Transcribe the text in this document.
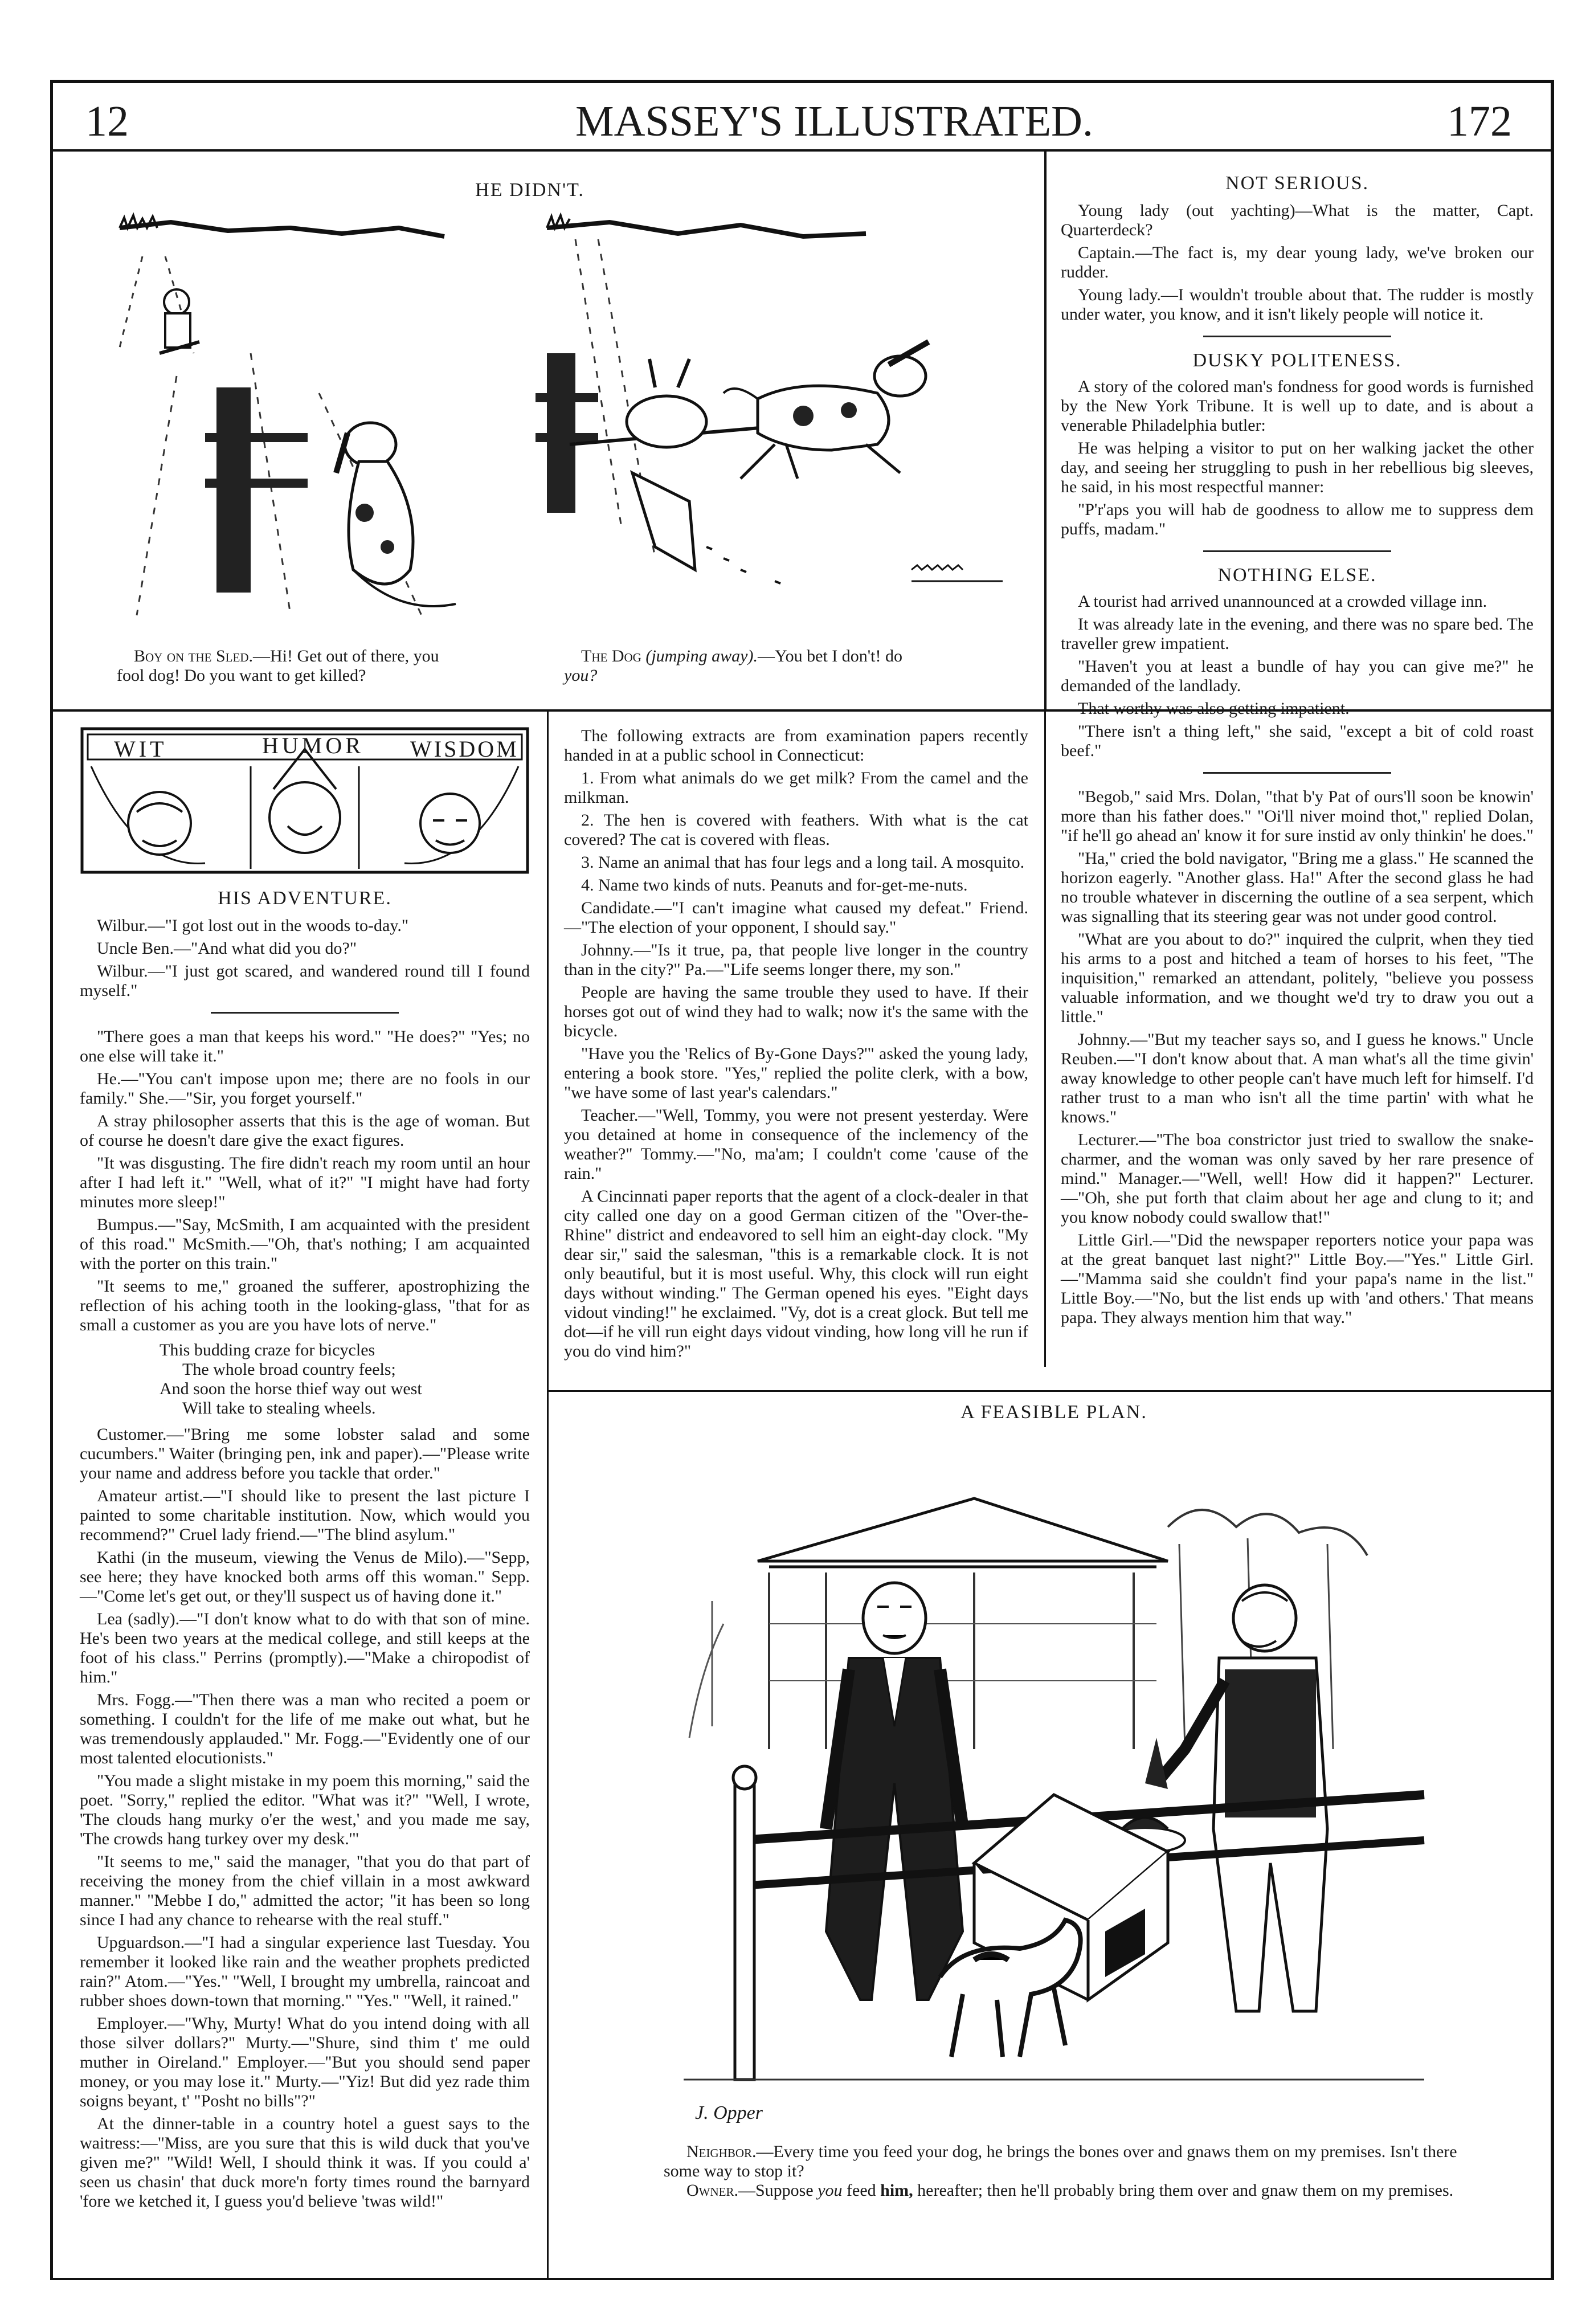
12	MASSEY'S ILLUSTRATED.	172
HE DIDN'T.
Boy on the Sled.—Hi! Get out of there, you fool dog! Do you want to get killed?
The Dog (jumping away).—You bet I don't! do you?
NOT SERIOUS.

Young lady (out yachting)—What is the matter, Capt. Quarterdeck?

Captain.—The fact is, my dear young lady, we've broken our rudder.

Young lady.—I wouldn't trouble about that. The rudder is mostly under water, you know, and it isn't likely people will notice it.

DUSKY POLITENESS.

A story of the colored man's fondness for good words is furnished by the New York Tribune. It is well up to date, and is about a venerable Philadelphia butler:

He was helping a visitor to put on her walking jacket the other day, and seeing her struggling to push in her rebellious big sleeves, he said, in his most respectful manner:

"P'r'aps you will hab de goodness to allow me to suppress dem puffs, madam."

NOTHING ELSE.

A tourist had arrived unannounced at a crowded village inn.

It was already late in the evening, and there was no spare bed. The traveller grew impatient.

"Haven't you at least a bundle of hay you can give me?" he demanded of the landlady.

That worthy was also getting impatient.

"There isn't a thing left," she said, "except a bit of cold roast beef."

"Begob," said Mrs. Dolan, "that b'y Pat of ours'll soon be knowin' more than his father does." "Oi'll niver moind thot," replied Dolan, "if he'll go ahead an' know it for sure instid av only thinkin' he does."

"Ha," cried the bold navigator, "Bring me a glass." He scanned the horizon eagerly. "Another glass. Ha!" After the second glass he had no trouble whatever in discerning the outline of a sea serpent, which was signalling that its steering gear was not under good control.

"What are you about to do?" inquired the culprit, when they tied his arms to a post and hitched a team of horses to his feet, "The inquisition," remarked an attendant, politely, "believe you possess valuable information, and we thought we'd try to draw you out a little."

Johnny.—"But my teacher says so, and I guess he knows." Uncle Reuben.—"I don't know about that. A man what's all the time givin' away knowledge to other people can't have much left for himself. I'd rather trust to a man who isn't all the time partin' with what he knows."

Lecturer.—"The boa constrictor just tried to swallow the snake-charmer, and the woman was only saved by her rare presence of mind." Manager.—"Well, well! How did it happen?" Lecturer.—"Oh, she put forth that claim about her age and clung to it; and you know nobody could swallow that!"

Little Girl.—"Did the newspaper reporters notice your papa was at the great banquet last night?" Little Boy.—"Yes." Little Girl.—"Mamma said she couldn't find your papa's name in the list." Little Boy.—"No, but the list ends up with 'and others.' That means papa. They always mention him that way."

WIT	HUMOR WISDOM
HIS ADVENTURE.

Wilbur.—"I got lost out in the woods to-day."

Uncle Ben.—"And what did you do?"

Wilbur.—"I just got scared, and wandered round till I found myself."

"There goes a man that keeps his word." "He does?" "Yes; no one else will take it."

He.—"You can't impose upon me; there are no fools in our family." She.—"Sir, you forget yourself."

A stray philosopher asserts that this is the age of woman. But of course he doesn't dare give the exact figures.

"It was disgusting. The fire didn't reach my room until an hour after I had left it." "Well, what of it?" "I might have had forty minutes more sleep!"

Bumpus.—"Say, McSmith, I am acquainted with the president of this road." McSmith.—"Oh, that's nothing; I am acquainted with the porter on this train."

"It seems to me," groaned the sufferer, apostrophizing the reflection of his aching tooth in the looking-glass, "that for as small a customer as you are you have lots of nerve."

This budding craze for bicycles
The whole broad country feels;
And soon the horse thief way out west
Will take to stealing wheels.

Customer.—"Bring me some lobster salad and some cucumbers." Waiter (bringing pen, ink and paper).—"Please write your name and address before you tackle that order."

Amateur artist.—"I should like to present the last picture I painted to some charitable institution. Now, which would you recommend?" Cruel lady friend.—"The blind asylum."

Kathi (in the museum, viewing the Venus de Milo).—"Sepp, see here; they have knocked both arms off this woman." Sepp.—"Come let's get out, or they'll suspect us of having done it."

Lea (sadly).—"I don't know what to do with that son of mine. He's been two years at the medical college, and still keeps at the foot of his class." Perrins (promptly).—"Make a chiropodist of him."

Mrs. Fogg.—"Then there was a man who recited a poem or something. I couldn't for the life of me make out what, but he was tremendously applauded." Mr. Fogg.—"Evidently one of our most talented elocutionists."

"You made a slight mistake in my poem this morning," said the poet. "Sorry," replied the editor. "What was it?" "Well, I wrote, 'The clouds hang murky o'er the west,' and you made me say, 'The crowds hang turkey over my desk.'"

"It seems to me," said the manager, "that you do that part of receiving the money from the chief villain in a most awkward manner." "Mebbe I do," admitted the actor; "it has been so long since I had any chance to rehearse with the real stuff."

Upguardson.—"I had a singular experience last Tuesday. You remember it looked like rain and the weather prophets predicted rain?" Atom.—"Yes." "Well, I brought my umbrella, raincoat and rubber shoes down-town that morning." "Yes." "Well, it rained."

Employer.—"Why, Murty! What do you intend doing with all those silver dollars?" Murty.—"Shure, sind thim t' me ould muther in Oireland." Employer.—"But you should send paper money, or you may lose it." Murty.—"Yiz! But did yez rade thim soigns beyant, t' "Posht no bills"?"

At the dinner-table in a country hotel a guest says to the waitress:—"Miss, are you sure that this is wild duck that you've given me?" "Wild! Well, I should think it was. If you could a' seen us chasin' that duck more'n forty times round the barnyard 'fore we ketched it, I guess you'd believe 'twas wild!"

The following extracts are from examination papers recently handed in at a public school in Connecticut:

1. From what animals do we get milk? From the camel and the milkman.

2. The hen is covered with feathers. With what is the cat covered? The cat is covered with fleas.

3. Name an animal that has four legs and a long tail. A mosquito.

4. Name two kinds of nuts. Peanuts and for-get-me-nuts.

Candidate.—"I can't imagine what caused my defeat." Friend.—"The election of your opponent, I should say."

Johnny.—"Is it true, pa, that people live longer in the country than in the city?" Pa.—"Life seems longer there, my son."

People are having the same trouble they used to have. If their horses got out of wind they had to walk; now it's the same with the bicycle.

"Have you the 'Relics of By-Gone Days?'" asked the young lady, entering a book store. "Yes," replied the polite clerk, with a bow, "we have some of last year's calendars."

Teacher.—"Well, Tommy, you were not present yesterday. Were you detained at home in consequence of the inclemency of the weather?" Tommy.—"No, ma'am; I couldn't come 'cause of the rain."

A Cincinnati paper reports that the agent of a clock-dealer in that city called one day on a good German citizen of the "Over-the-Rhine" district and endeavored to sell him an eight-day clock. "My dear sir," said the salesman, "this is a remarkable clock. It is not only beautiful, but it is most useful. Why, this clock will run eight days without winding." The German opened his eyes. "Eight days vidout vinding!" he exclaimed. "Vy, dot is a creat glock. But tell me dot—if he vill run eight days vidout vinding, how long vill he run if you do vind him?"

A FEASIBLE PLAN.
J. Opper
Neighbor.—Every time you feed your dog, he brings the bones over and gnaws them on my premises. Isn't there some way to stop it?
Owner.—Suppose you feed him, hereafter; then he'll probably bring them over and gnaw them on my premises.
